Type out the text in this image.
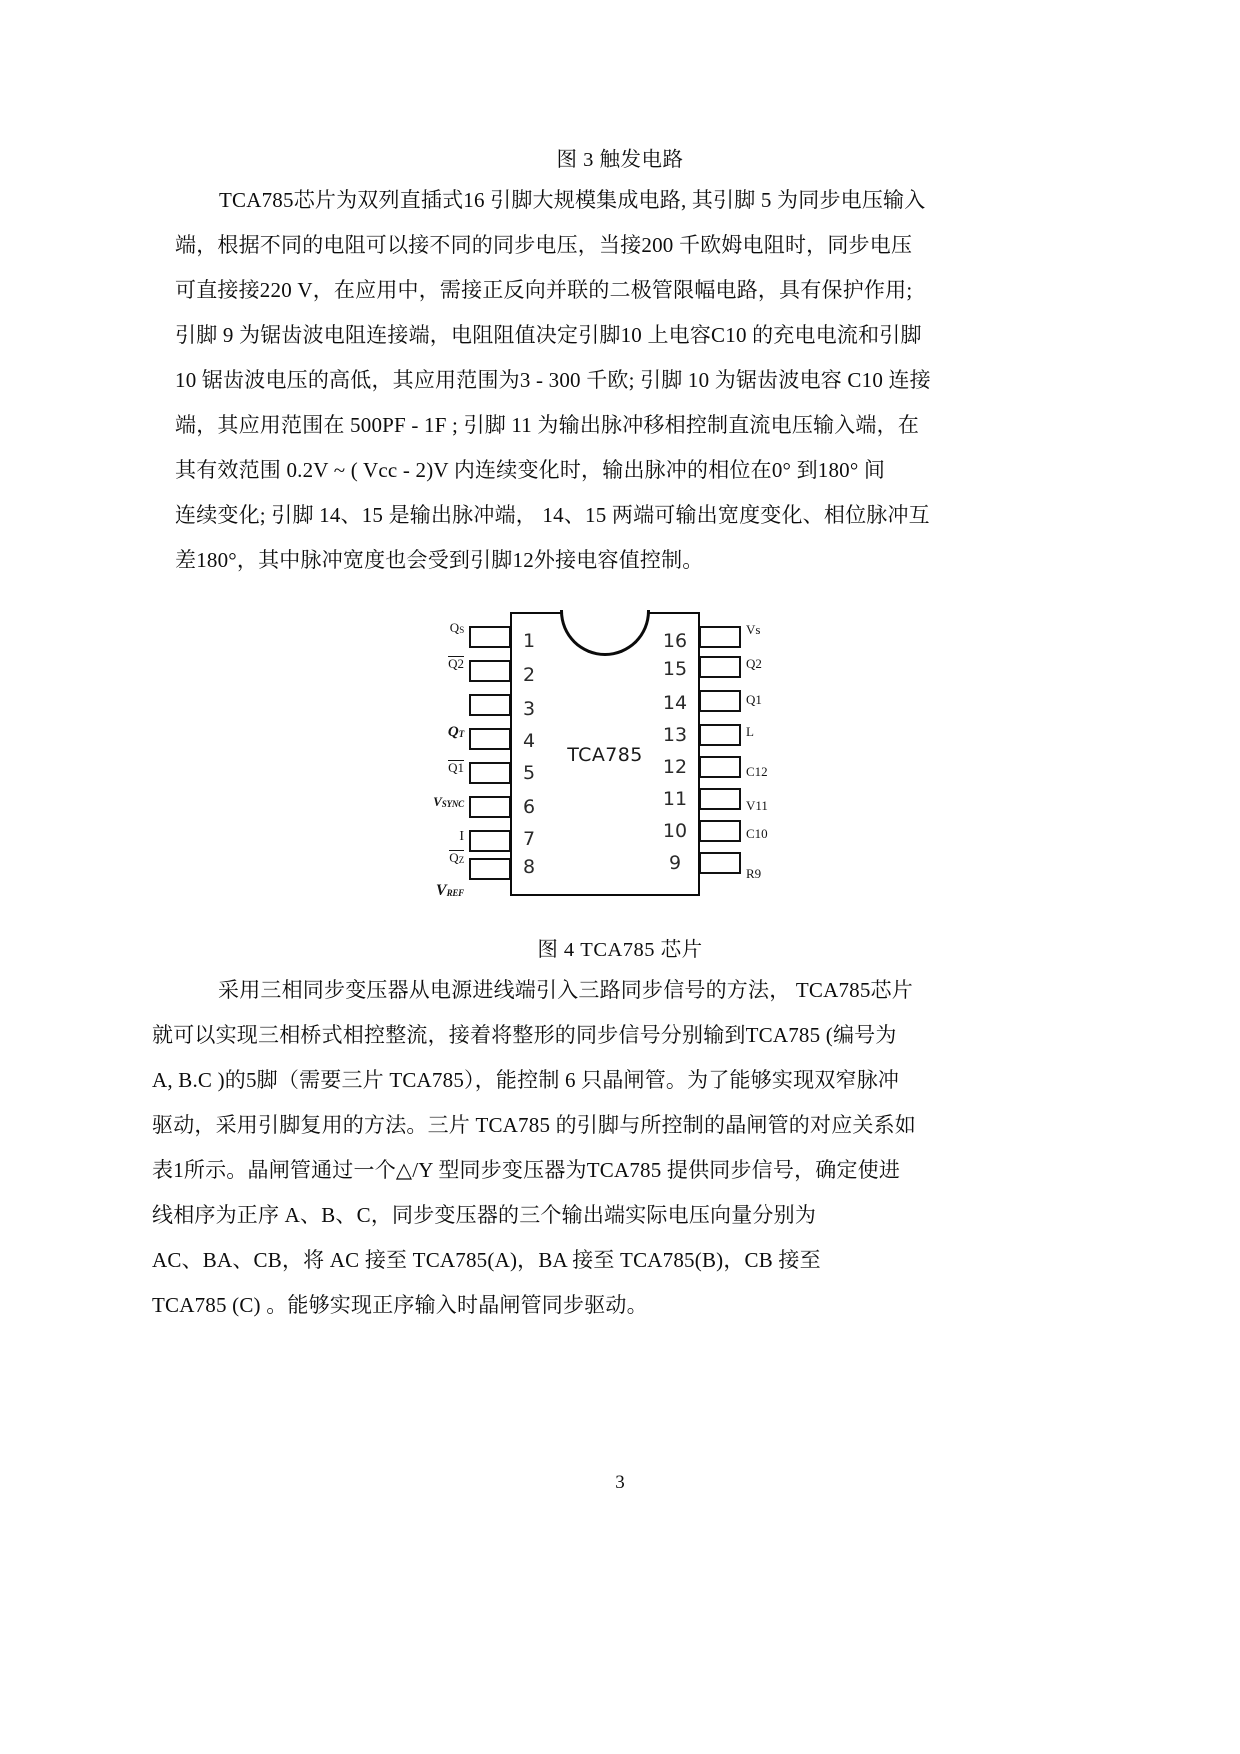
图 3 触发电路
TCA785芯片为双列直插式16 引脚大规模集成电路, 其引脚 5 为同步电压输入
端，根据不同的电阻可以接不同的同步电压，当接200 千欧姆电阻时，同步电压
可直接接220 V，在应用中，需接正反向并联的二极管限幅电路，具有保护作用;
引脚 9 为锯齿波电阻连接端，电阻阻值决定引脚10 上电容C10 的充电电流和引脚
10 锯齿波电压的高低，其应用范围为3 - 300 千欧; 引脚 10 为锯齿波电容 C10 连接
端，其应用范围在 500PF - 1F ; 引脚 11 为输出脉冲移相控制直流电压输入端，在
其有效范围 0.2V ~ ( Vcc - 2)V 内连续变化时，输出脉冲的相位在0° 到180° 间
连续变化; 引脚 14、15 是输出脉冲端， 14、15 两端可输出宽度变化、相位脉冲互
差180°，其中脉冲宽度也会受到引脚12外接电容值控制。
TCA785
1
2
3
4
5
6
7
8
16
15
14
13
12
11
10
9
QS
Q2
QT
Q1
VSYNC
I
QZ
VREF
Vs
Q2
Q1
L
C12
V11
C10
R9
图 4 TCA785 芯片
采用三相同步变压器从电源进线端引入三路同步信号的方法， TCA785芯片
就可以实现三相桥式相控整流，接着将整形的同步信号分别输到TCA785 (编号为
A, B.C )的5脚（需要三片 TCA785），能控制 6 只晶闸管。为了能够实现双窄脉冲
驱动，采用引脚复用的方法。三片 TCA785 的引脚与所控制的晶闸管的对应关系如
表1所示。晶闸管通过一个△/Y 型同步变压器为TCA785 提供同步信号，确定使进
线相序为正序 A、B、C，同步变压器的三个输出端实际电压向量分别为
AC、BA、CB，将 AC 接至 TCA785(A)，BA 接至 TCA785(B)，CB 接至
TCA785 (C) 。能够实现正序输入时晶闸管同步驱动。
3
